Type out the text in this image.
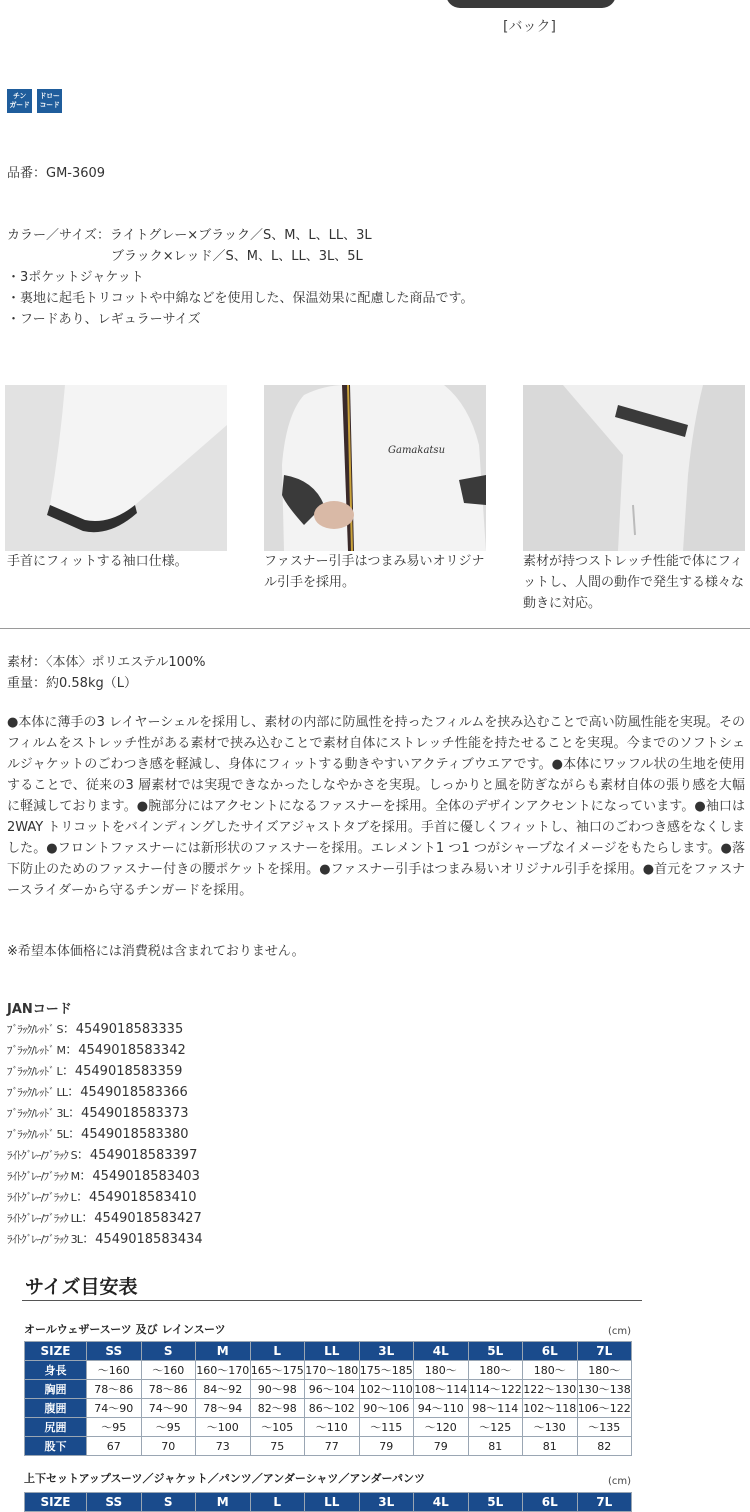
[バック]
チン
ガード
ドロー
コード
品番：GM-3609
カラー／サイズ：ライトグレー×ブラック／S、M、L、LL、3L
ブラック×レッド／S、M、L、LL、3L、5L
・3ポケットジャケット
・裏地に起毛トリコットや中綿などを使用した、保温効果に配慮した商品です。
・フードあり、レギュラーサイズ
Gamakatsu
手首にフィットする袖口仕様。	ファスナー引手はつまみ易いオリジナル引手を採用。
素材が持つストレッチ性能で体にフィットし、人間の動作で発生する様々な動きに対応。
素材：〈本体〉ポリエステル100%
重量：約0.58kg（L）
●本体に薄手の3 レイヤーシェルを採用し、素材の内部に防風性を持ったフィルムを挟み込むことで高い防風性能を実現。そのフィルムをストレッチ性がある素材で挟み込むことで素材自体にストレッチ性能を持たせることを実現。今までのソフトシェルジャケットのごわつき感を軽減し、身体にフィットする動きやすいアクティブウエアです。●本体にワッフル状の生地を使用することで、従来の3 層素材では実現できなかったしなやかさを実現。しっかりと風を防ぎながらも素材自体の張り感を大幅に軽減しております。●腕部分にはアクセントになるファスナーを採用。全体のデザインアクセントになっています。●袖口は2WAY トリコットをバインディングしたサイズアジャストタブを採用。手首に優しくフィットし、袖口のごわつき感をなくしました。●フロントファスナーには新形状のファスナーを採用。エレメント1 つ1 つがシャープなイメージをもたらします。●落下防止のためのファスナー付きの腰ポケットを採用。●ファスナー引手はつまみ易いオリジナル引手を採用。●首元をファスナースライダーから守るチンガードを採用。
※希望本体価格には消費税は含まれておりません。
JANコード
ﾌﾞﾗｯｸ/ﾚｯﾄﾞ S：4549018583335
ﾌﾞﾗｯｸ/ﾚｯﾄﾞ M：4549018583342
ﾌﾞﾗｯｸ/ﾚｯﾄﾞ L：4549018583359
ﾌﾞﾗｯｸ/ﾚｯﾄﾞ LL：4549018583366
ﾌﾞﾗｯｸ/ﾚｯﾄﾞ 3L：4549018583373
ﾌﾞﾗｯｸ/ﾚｯﾄﾞ 5L：4549018583380
ﾗｲﾄｸﾞﾚｰ/ﾌﾞﾗｯｸ S：4549018583397
ﾗｲﾄｸﾞﾚｰ/ﾌﾞﾗｯｸ M：4549018583403
ﾗｲﾄｸﾞﾚｰ/ﾌﾞﾗｯｸ L：4549018583410
ﾗｲﾄｸﾞﾚｰ/ﾌﾞﾗｯｸ LL：4549018583427
ﾗｲﾄｸﾞﾚｰ/ﾌﾞﾗｯｸ 3L：4549018583434
サイズ目安表
オールウェザースーツ 及び レインスーツ	(cm)
SIZE	SS	S	M	L	LL	3L	4L	5L	6L	7L
身長	～160	～160	160～170	165～175	170～180	175～185	180～	180～	180～	180～
胸囲	78～86	78～86	84～92	90～98	96～104	102～110	108～114	114～122	122～130	130～138
腹囲	74～90	74～90	78～94	82～98	86～102	90～106	94～110	98～114	102～118	106～122
尻囲	～95	～95	～100	～105	～110	～115	～120	～125	～130	～135
股下	67	70	73	75	77	79	79	81	81	82
上下セットアップスーツ／ジャケット／パンツ／アンダーシャツ／アンダーパンツ	(cm)
SIZE	SS	S	M	L	LL	3L	4L	5L	6L	7L
